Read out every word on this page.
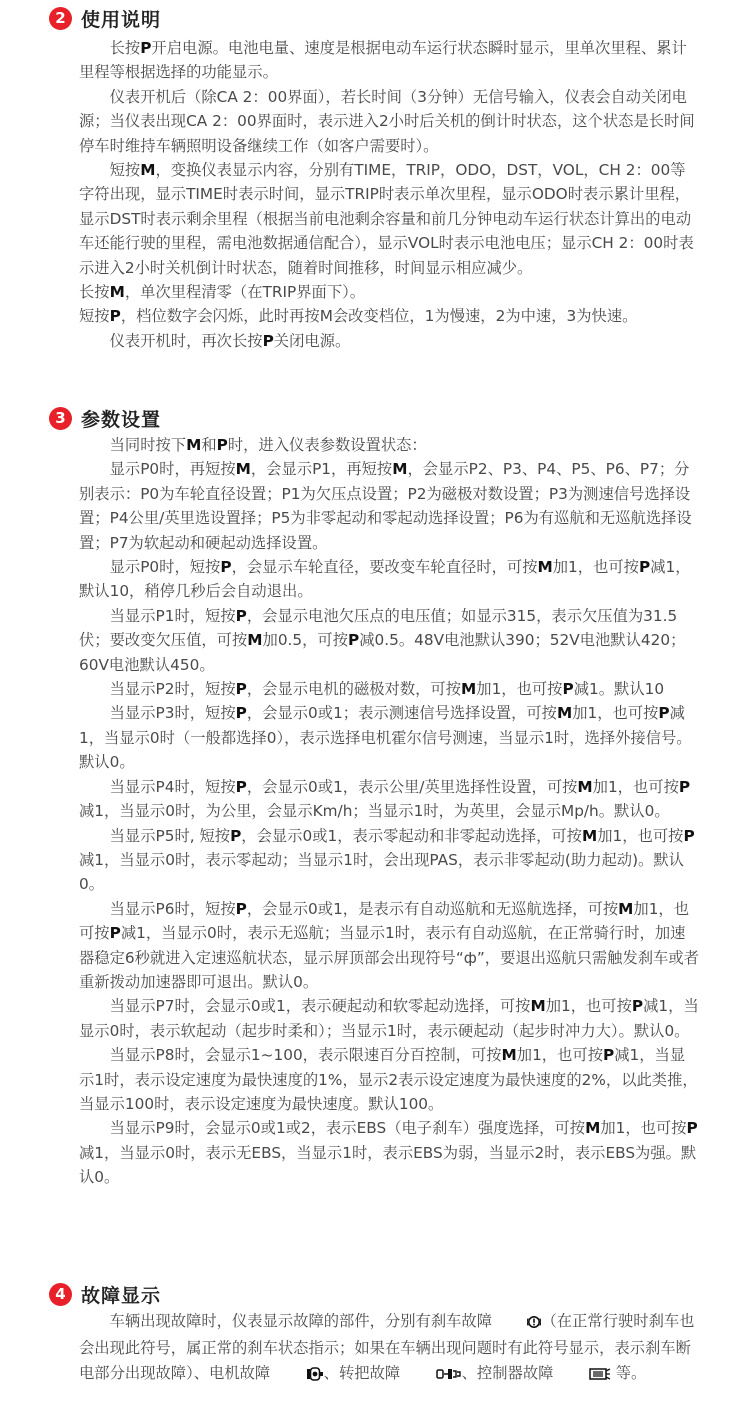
2 使用说明

长按P开启电源。电池电量、速度是根据电动车运行状态瞬时显示，里单次里程、累计里程等根据选择的功能显示。

仪表开机后（除CA 2：00界面），若长时间（3分钟）无信号输入，仪表会自动关闭电源；当仪表出现CA 2：00界面时，表示进入2小时后关机的倒计时状态，这个状态是长时间停车时维持车辆照明设备继续工作（如客户需要时）。

短按M，变换仪表显示内容，分别有TIME，TRIP，ODO，DST，VOL，CH 2：00等字符出现，显示TIME时表示时间，显示TRIP时表示单次里程，显示ODO时表示累计里程，显示DST时表示剩余里程（根据当前电池剩余容量和前几分钟电动车运行状态计算出的电动车还能行驶的里程，需电池数据通信配合），显示VOL时表示电池电压；显示CH 2：00时表示进入2小时关机倒计时状态，随着时间推移，时间显示相应减少。

长按M，单次里程清零（在TRIP界面下）。

短按P，档位数字会闪烁，此时再按M会改变档位，1为慢速，2为中速，3为快速。

仪表开机时，再次长按P关闭电源。

3 参数设置

当同时按下M和P时，进入仪表参数设置状态：

显示P0时，再短按M，会显示P1，再短按M，会显示P2、P3、P4、P5、P6、P7；分别表示：P0为车轮直径设置；P1为欠压点设置；P2为磁极对数设置；P3为测速信号选择设置；P4公里/英里选设置择；P5为非零起动和零起动选择设置；P6为有巡航和无巡航选择设置；P7为软起动和硬起动选择设置。

显示P0时，短按P，会显示车轮直径，要改变车轮直径时，可按M加1，也可按P减1，默认10，稍停几秒后会自动退出。

当显示P1时，短按P，会显示电池欠压点的电压值；如显示315，表示欠压值为31.5伏；要改变欠压值，可按M加0.5，可按P减0.5。48V电池默认390；52V电池默认420；60V电池默认450。

当显示P2时，短按P，会显示电机的磁极对数，可按M加1，也可按P减1。默认10

当显示P3时，短按P，会显示0或1；表示测速信号选择设置，可按M加1，也可按P减1，当显示0时（一般都选择0），表示选择电机霍尔信号测速，当显示1时，选择外接信号。默认0。

当显示P4时，短按P，会显示0或1，表示公里/英里选择性设置，可按M加1，也可按P减1，当显示0时，为公里，会显示Km/h；当显示1时，为英里，会显示Mp/h。默认0。

当显示P5时, 短按P，会显示0或1，表示零起动和非零起动选择，可按M加1，也可按P减1，当显示0时，表示零起动；当显示1时，会出现PAS，表示非零起动(助力起动)。默认0。

当显示P6时，短按P，会显示0或1，是表示有自动巡航和无巡航选择，可按M加1，也可按P减1，当显示0时，表示无巡航；当显示1时，表示有自动巡航，在正常骑行时，加速器稳定6秒就进入定速巡航状态，显示屏顶部会出现符号“ф”，要退出巡航只需触发刹车或者重新拨动加速器即可退出。默认0。

当显示P7时，会显示0或1，表示硬起动和软零起动选择，可按M加1，也可按P减1，当显示0时，表示软起动（起步时柔和）；当显示1时，表示硬起动（起步时冲力大）。默认0。

当显示P8时，会显示1~100，表示限速百分百控制，可按M加1，也可按P减1，当显示1时，表示设定速度为最快速度的1%，显示2表示设定速度为最快速度的2%，以此类推，当显示100时，表示设定速度为最快速度。默认100。

当显示P9时，会显示0或1或2，表示EBS（电子刹车）强度选择，可按M加1，也可按P减1，当显示0时，表示无EBS，当显示1时，表示EBS为弱，当显示2时，表示EBS为强。默认0。

4 故障显示

车辆出现故障时，仪表显示故障的部件，分别有刹车故障	（在正常行驶时刹车也会出现此符号，属正常的刹车状态指示；如果在车辆出现问题时有此符号显示，表示刹车断电部分出现故障）、电机故障	、转把故障	、控制器故障	等。
